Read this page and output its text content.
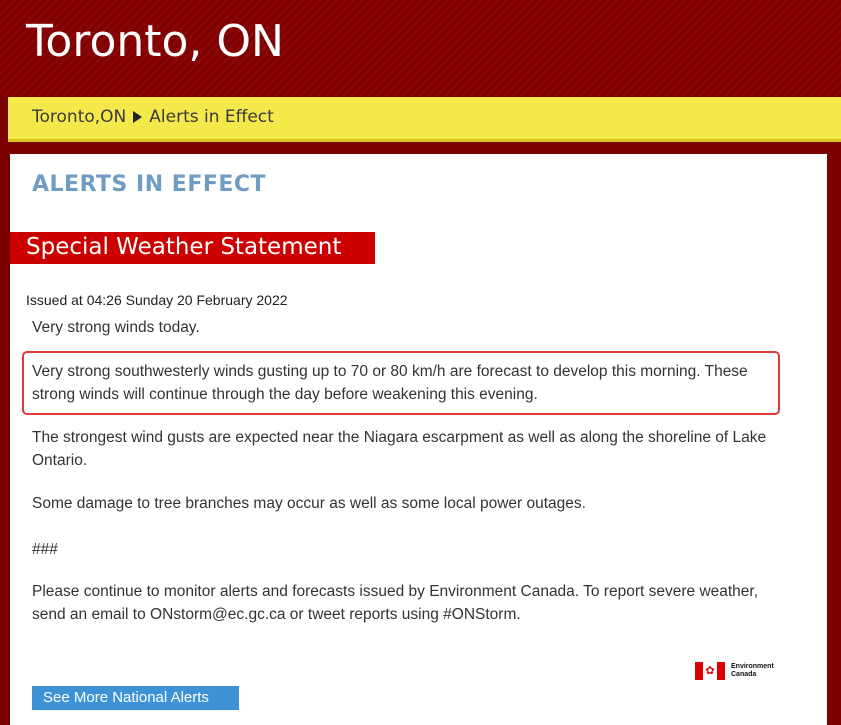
Toronto, ON
Toronto,ON Alerts in Effect
ALERTS IN EFFECT
Special Weather Statement
Issued at 04:26 Sunday 20 February 2022
Very strong winds today.
Very strong southwesterly winds gusting up to 70 or 80 km/h are forecast to develop this morning. These strong winds will continue through the day before weakening this evening.
The strongest wind gusts are expected near the Niagara escarpment as well as along the shoreline of Lake Ontario.
Some damage to tree branches may occur as well as some local power outages.
###
Please continue to monitor alerts and forecasts issued by Environment Canada. To report severe weather, send an email to ONstorm@ec.gc.ca or tweet reports using #ONStorm.
✿	Environment
Canada
See More National Alerts
